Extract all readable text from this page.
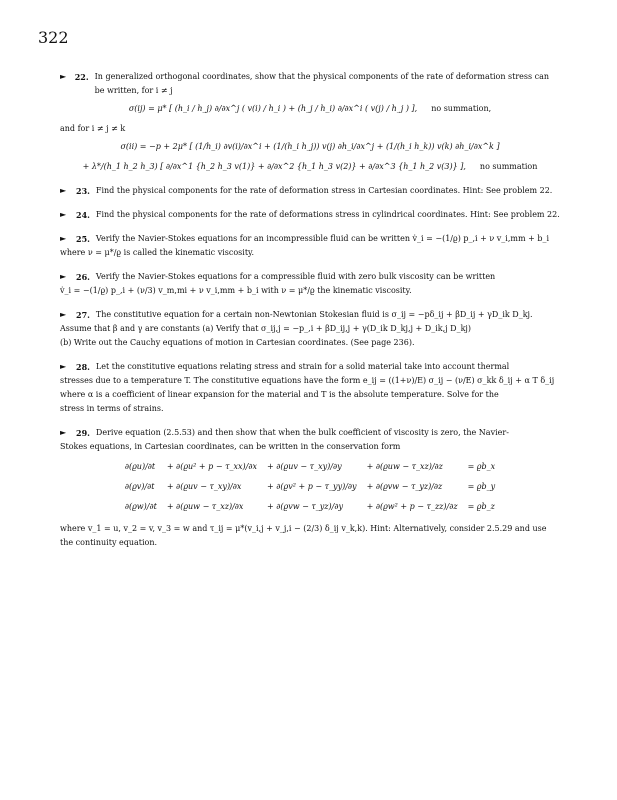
322
►	22. In generalized orthogonal coordinates, show that the physical components of the rate of deformation stress can be written, for i ≠ j
σ(ij) = μ* [ (h_i / h_j) ∂/∂x^j ( v(i) / h_i ) + (h_j / h_i) ∂/∂x^i ( v(j) / h_j ) ], no summation,
and for i ≠ j ≠ k
σ(ii) = −p + 2μ* [ (1/h_i) ∂v(i)/∂x^i + (1/(h_i h_j)) v(j) ∂h_i/∂x^j + (1/(h_i h_k)) v(k) ∂h_i/∂x^k ]
+ λ*/(h_1 h_2 h_3) [ ∂/∂x^1 {h_2 h_3 v(1)} + ∂/∂x^2 {h_1 h_3 v(2)} + ∂/∂x^3 {h_1 h_2 v(3)} ], no summation
►	23. Find the physical components for the rate of deformation stress in Cartesian coordinates. Hint: See problem 22.
►	24. Find the physical components for the rate of deformations stress in cylindrical coordinates. Hint: See problem 22.
►	25. Verify the Navier-Stokes equations for an incompressible fluid can be written v̇_i = −(1/ϱ) p_,i + ν v_i,mm + b_i
where ν = μ*/ϱ is called the kinematic viscosity.
►	26. Verify the Navier-Stokes equations for a compressible fluid with zero bulk viscosity can be written
v̇_i = −(1/ϱ) p_,i + (ν/3) v_m,mi + ν v_i,mm + b_i with ν = μ*/ϱ the kinematic viscosity.
►	27. The constitutive equation for a certain non-Newtonian Stokesian fluid is σ_ij = −pδ_ij + βD_ij + γD_ik D_kj.
Assume that β and γ are constants (a) Verify that σ_ij,j = −p_,i + βD_ij,j + γ(D_ik D_kj,j + D_ik,j D_kj)
(b) Write out the Cauchy equations of motion in Cartesian coordinates. (See page 236).
►	28. Let the constitutive equations relating stress and strain for a solid material take into account thermal
stresses due to a temperature T. The constitutive equations have the form e_ij = ((1+ν)/E) σ_ij − (ν/E) σ_kk δ_ij + α T δ_ij
where α is a coefficient of linear expansion for the material and T is the absolute temperature. Solve for the
stress in terms of strains.
►	29. Derive equation (2.5.53) and then show that when the bulk coefficient of viscosity is zero, the Navier-
Stokes equations, in Cartesian coordinates, can be written in the conservation form
∂(ϱu)/∂t + ∂(ϱu² + p − τ_xx)/∂x + ∂(ϱuv − τ_xy)/∂y	+ ∂(ϱuw − τ_xz)/∂z	= ϱb_x
∂(ϱv)/∂t + ∂(ϱuv − τ_xy)/∂x	+ ∂(ϱv² + p − τ_yy)/∂y + ∂(ϱvw − τ_yz)/∂z	= ϱb_y
∂(ϱw)/∂t + ∂(ϱuw − τ_xz)/∂x	+ ∂(ϱvw − τ_yz)/∂y	+ ∂(ϱw² + p − τ_zz)/∂z = ϱb_z
where v_1 = u, v_2 = v, v_3 = w and τ_ij = μ*(v_i,j + v_j,i − (2/3) δ_ij v_k,k). Hint: Alternatively, consider 2.5.29 and use
the continuity equation.
